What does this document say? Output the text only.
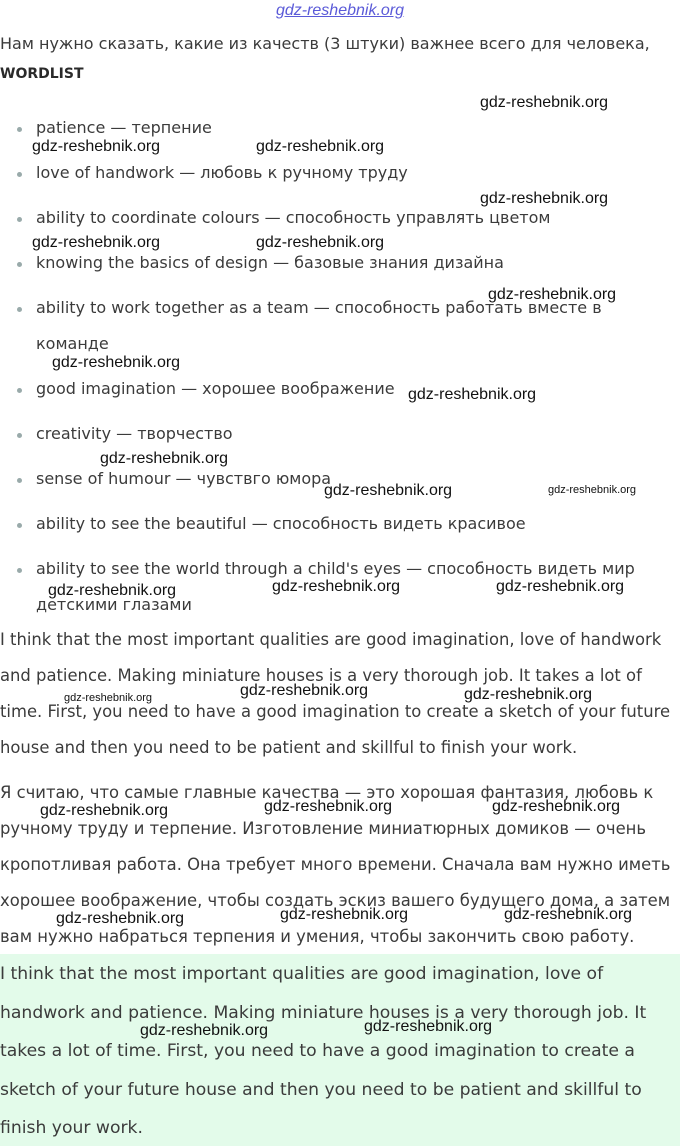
gdz-reshebnik.org
Нам нужно сказать, какие из качеств (3 штуки) важнее всего для человека,
WORDLIST
patience — терпение
love of handwork — любовь к ручному труду
ability to coordinate colours — способность управлять цветом
knowing the basics of design — базовые знания дизайна
ability to work together as a team — способность работать вместе в
команде
good imagination — хорошее воображение
creativity — творчество
sense of humour — чувствго юмора
ability to see the beautiful — способность видеть красивое
ability to see the world through a child's eyes — способность видеть мир
детскими глазами
I think that the most important qualities are good imagination, love of handwork and patience. Making miniature houses is a very thorough job. It takes a lot of time. First, you need to have a good imagination to create a sketch of your future house and then you need to be patient and skillful to finish your work.
Я считаю, что самые главные качества — это хорошая фантазия, любовь к ручному труду и терпение. Изготовление миниатюрных домиков — очень кропотливая работа. Она требует много времени. Сначала вам нужно иметь хорошее воображение, чтобы создать эскиз вашего будущего дома, а затем вам нужно набраться терпения и умения, чтобы закончить свою работу.
I think that the most important qualities are good imagination, love of handwork and patience. Making miniature houses is a very thorough job. It takes a lot of time. First, you need to have a good imagination to create a sketch of your future house and then you need to be patient and skillful to finish your work.
gdz-reshebnik.org
gdz-reshebnik.org	gdz-reshebnik.org
gdz-reshebnik.org
gdz-reshebnik.org	gdz-reshebnik.org
gdz-reshebnik.org
gdz-reshebnik.org
gdz-reshebnik.org
gdz-reshebnik.org
gdz-reshebnik.org	gdz-reshebnik.org
gdz-reshebnik.org	gdz-reshebnik.org	gdz-reshebnik.org
gdz-reshebnik.org	gdz-reshebnik.org	gdz-reshebnik.org
gdz-reshebnik.org	gdz-reshebnik.org	gdz-reshebnik.org
gdz-reshebnik.org	gdz-reshebnik.org	gdz-reshebnik.org
gdz-reshebnik.org	gdz-reshebnik.org
